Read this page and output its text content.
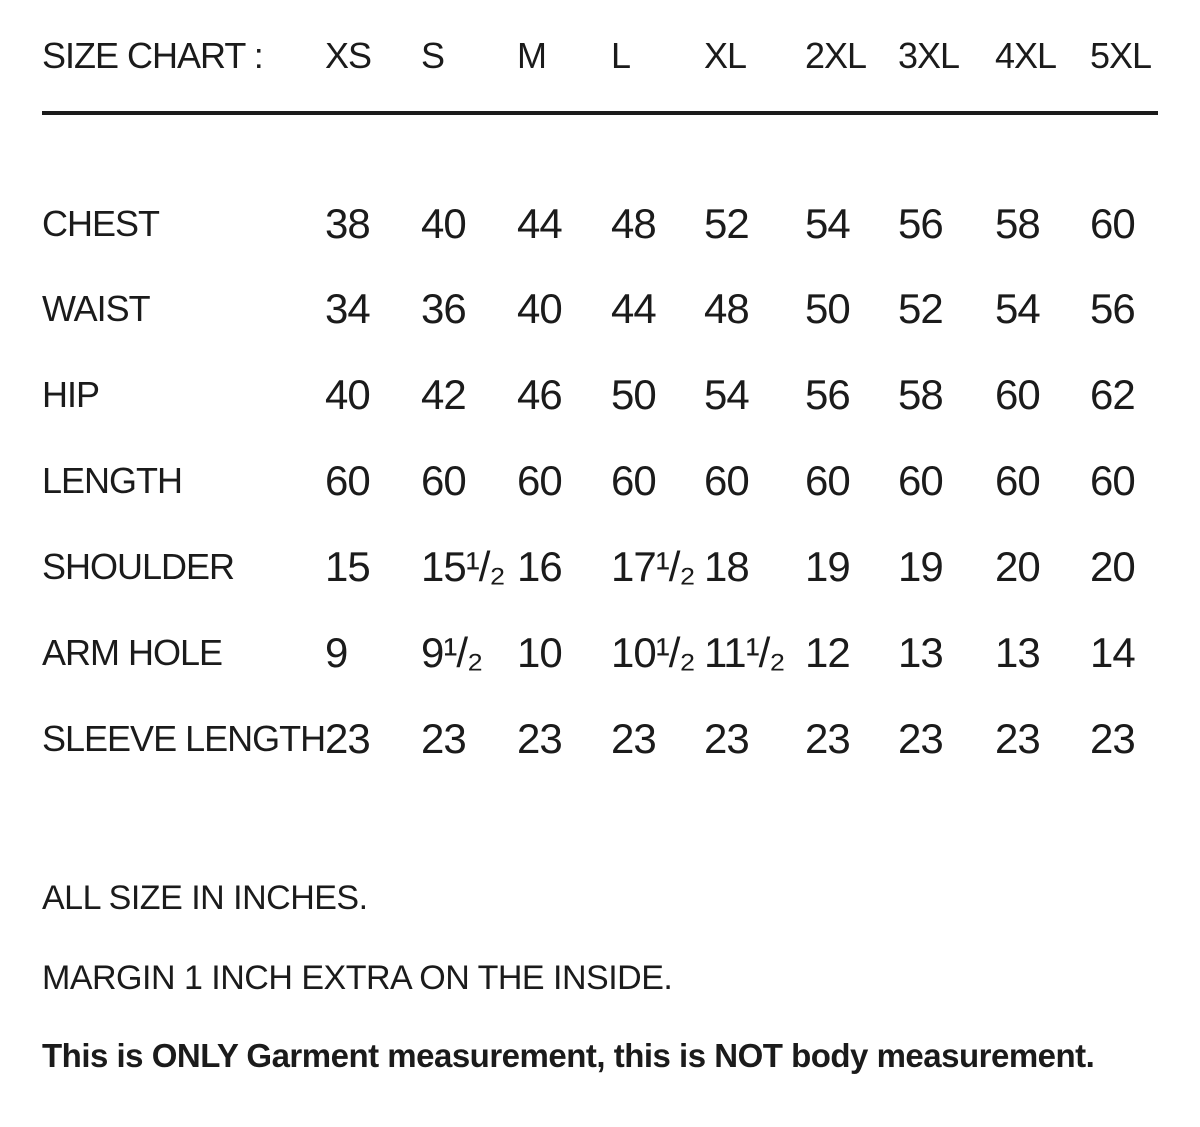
SIZE CHART :	XS	S	M	L	XL	2XL	3XL	4XL	5XL
CHEST	38	40	44	48	52	54	56	58	60
WAIST	34	36	40	44	48	50	52	54	56
HIP	40	42	46	50	54	56	58	60	62
LENGTH	60	60	60	60	60	60	60	60	60
SHOULDER	15	15¹/₂	16	17¹/₂	18	19	19	20	20
ARM HOLE	9	9¹/₂	10	10¹/₂	11¹/₂	12	13	13	14
SLEEVE LENGTH	23	23	23	23	23	23	23	23	23

ALL SIZE IN INCHES.

MARGIN 1 INCH EXTRA ON THE INSIDE.

This is ONLY Garment measurement, this is NOT body measurement.
